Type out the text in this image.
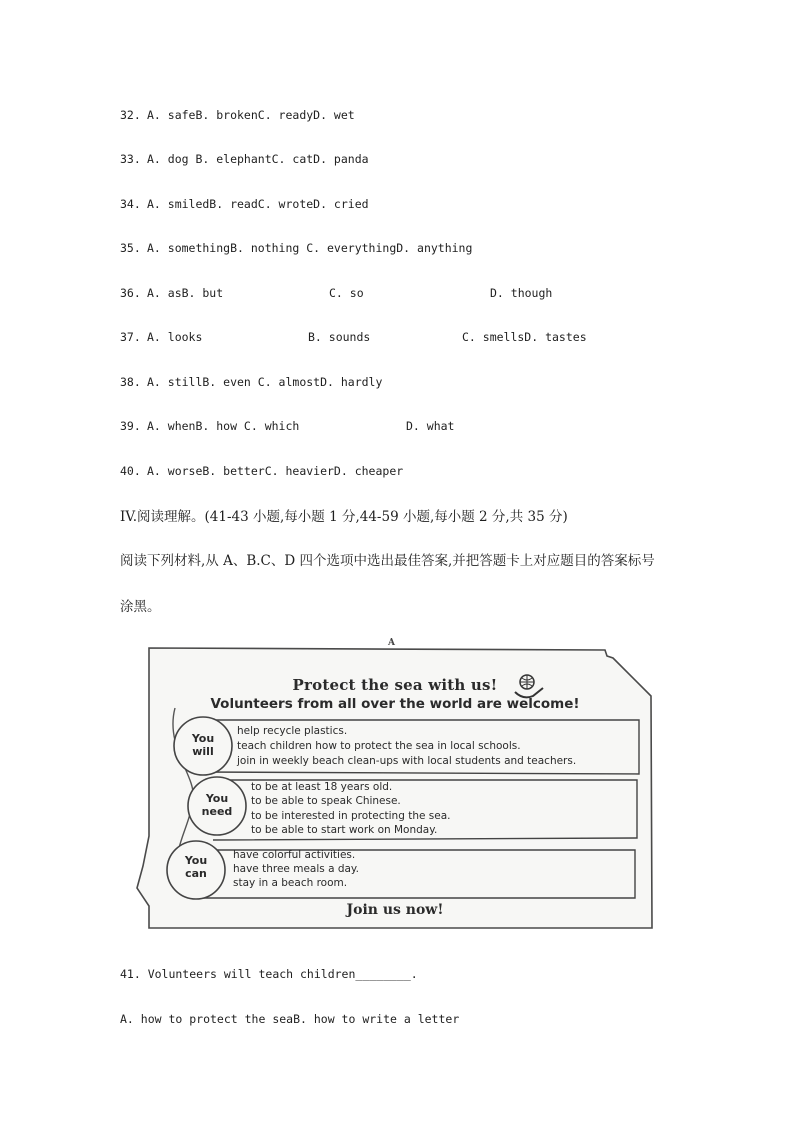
32.

A. safeB. brokenC. readyD. wet

33.

A. dog B. elephantC. catD. panda

34.

A. smiledB. readC. wroteD. cried

35.

A. somethingB. nothing C. everythingD. anything

36.

A. asB. but

	C. so

	D. though

37.

A. looks

	B. sounds

	C. smellsD. tastes

38.

A. stillB. even C. almostD. hardly

39.

A. whenB. how C. which

	D. what

40.

A. worseB. betterC. heavierD. cheaper

IV.阅读理解。(41-43 小题,每小题 1 分,44-59 小题,每小题 2 分,共 35 分)
阅读下列材料,从 A、B.C、D 四个选项中选出最佳答案,并把答题卡上对应题目的答案标号
涂黑。
A
Protect the sea with us!
Volunteers from all over the world are welcome!
You
will
help recycle plastics.
teach children how to protect the sea in local schools.
join in weekly beach clean-ups with local students and teachers.
You
need
to be at least 18 years old.
to be able to speak Chinese.
to be interested in protecting the sea.
to be able to start work on Monday.
You
can
have colorful activities.
have three meals a day.
stay in a beach room.
Join us now!
41. Volunteers will teach children________.
A. how to protect the seaB. how to write a letter
